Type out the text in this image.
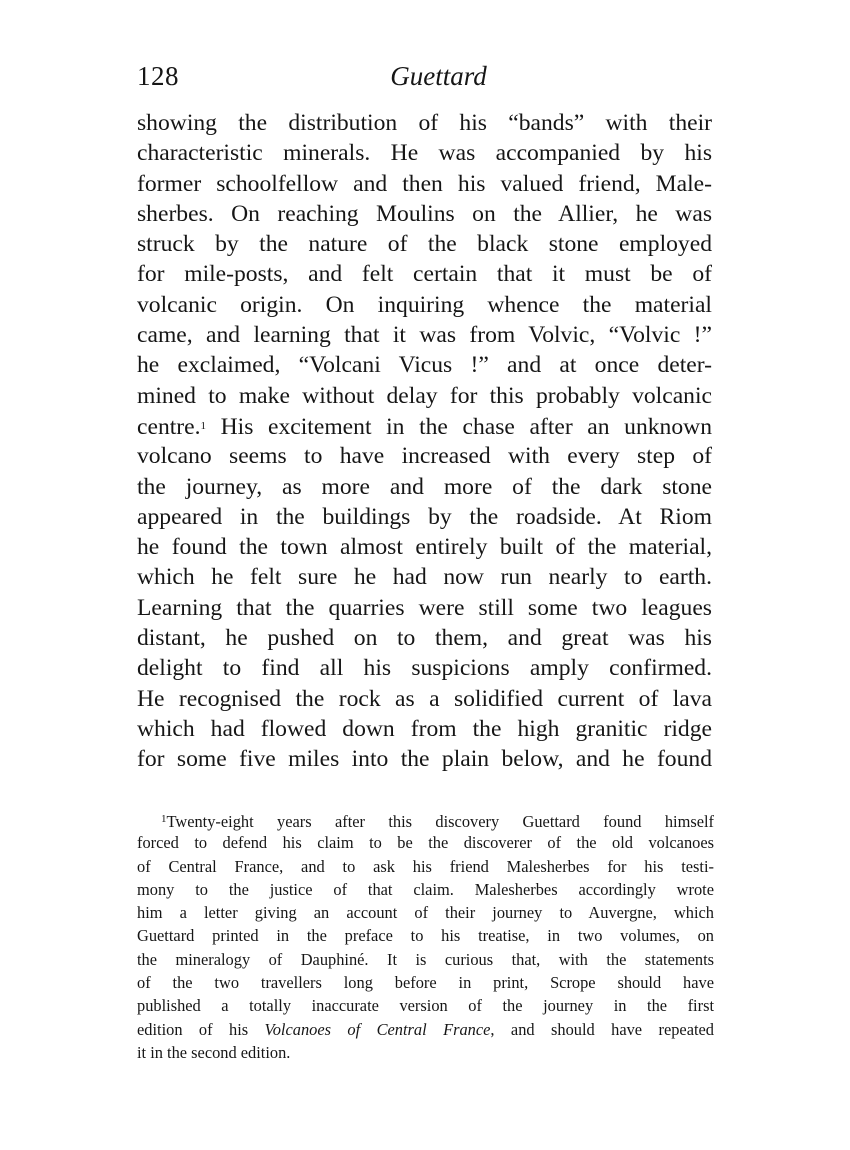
128	Guettard
showing the distribution of his “bands” with their
characteristic minerals. He was accompanied by his
former schoolfellow and then his valued friend, Male-
sherbes. On reaching Moulins on the Allier, he was
struck by the nature of the black stone employed
for mile-posts, and felt certain that it must be of
volcanic origin. On inquiring whence the material
came, and learning that it was from Volvic, “Volvic !”
he exclaimed, “Volcani Vicus !” and at once deter-
mined to make without delay for this probably volcanic
centre.$^1$ His excitement in the chase after an unknown
volcano seems to have increased with every step of
the journey, as more and more of the dark stone
appeared in the buildings by the roadside. At Riom
he found the town almost entirely built of the material,
which he felt sure he had now run nearly to earth.
Learning that the quarries were still some two leagues
distant, he pushed on to them, and great was his
delight to find all his suspicions amply confirmed.
He recognised the rock as a solidified current of lava
which had flowed down from the high granitic ridge
for some five miles into the plain below, and he found
$^1$Twenty-eight years after this discovery Guettard found himself
forced to defend his claim to be the discoverer of the old volcanoes
of Central France, and to ask his friend Malesherbes for his testi-
mony to the justice of that claim. Malesherbes accordingly wrote
him a letter giving an account of their journey to Auvergne, which
Guettard printed in the preface to his treatise, in two volumes, on
the mineralogy of Dauphiné. It is curious that, with the statements
of the two travellers long before in print, Scrope should have
published a totally inaccurate version of the journey in the first
edition of his Volcanoes of Central France, and should have repeated
it in the second edition.
